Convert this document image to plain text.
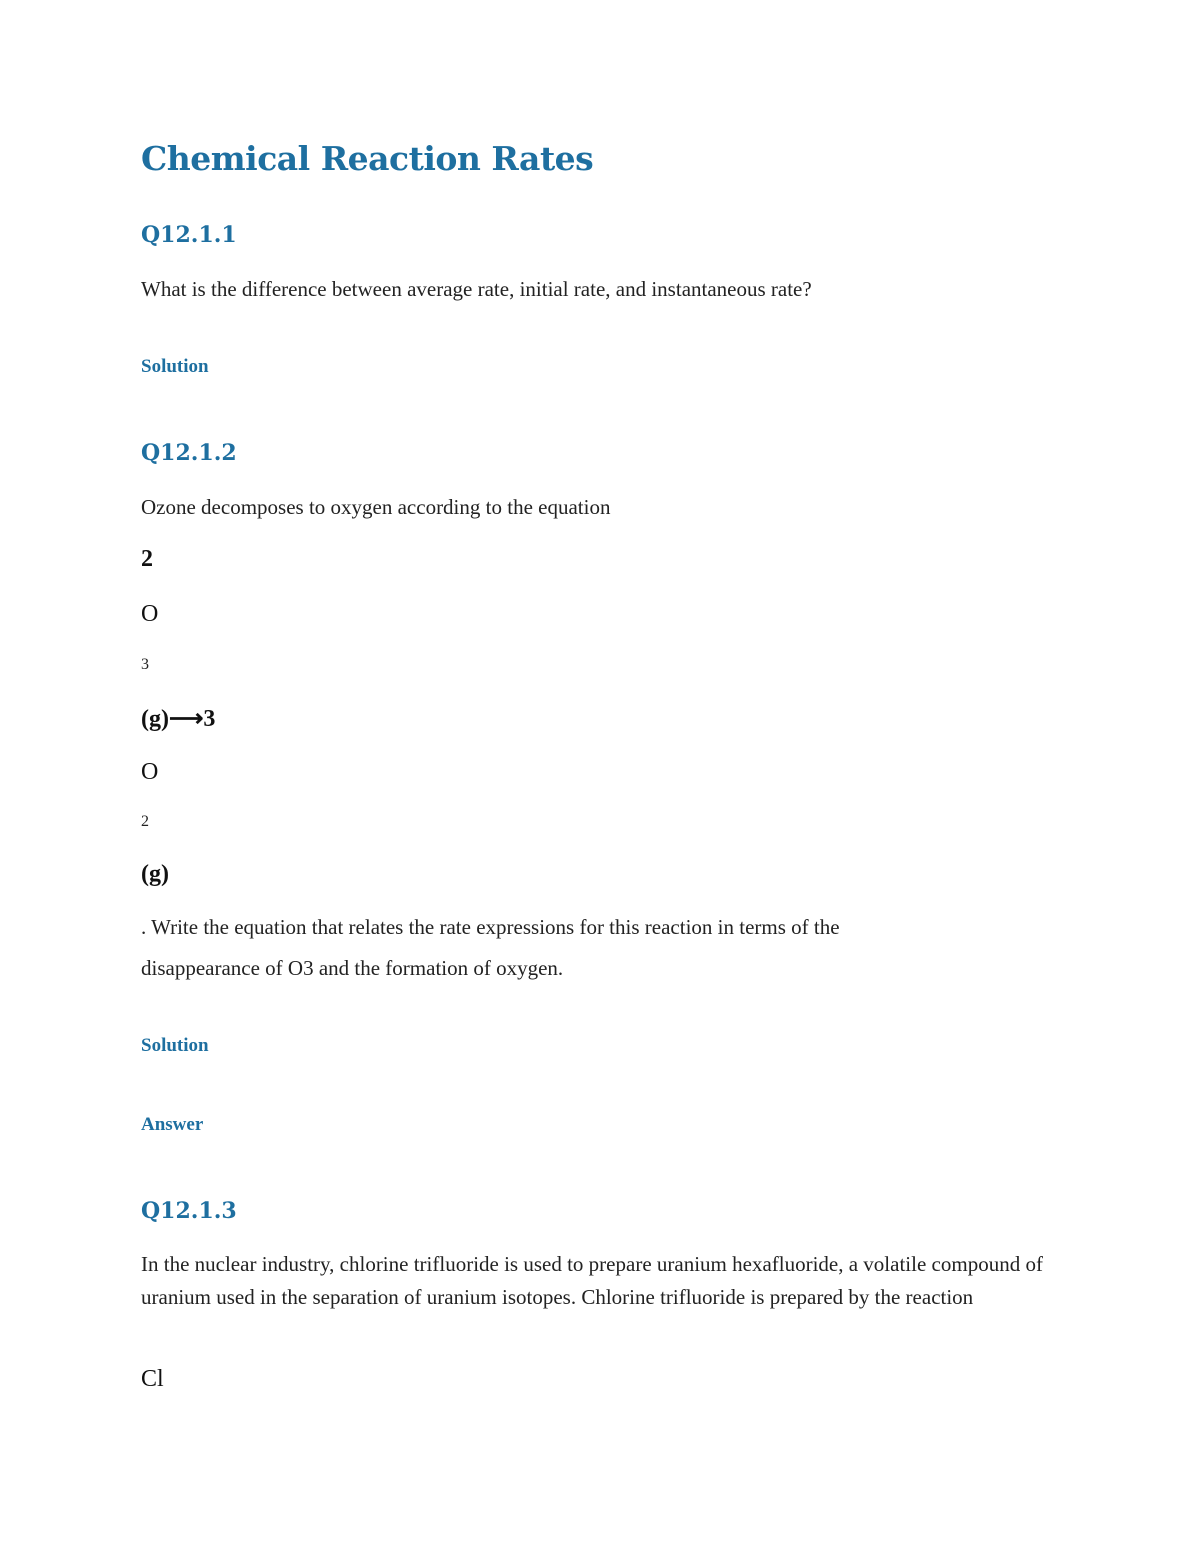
Chemical Reaction Rates
Q12.1.1

What is the difference between average rate, initial rate, and instantaneous rate?

Solution
Q12.1.2

Ozone decomposes to oxygen according to the equation

2
O
3
(g)⟶3
O
2
(g)

. Write the equation that relates the rate expressions for this reaction in terms of the

disappearance of O3 and the formation of oxygen.

Solution
Answer
Q12.1.3

In the nuclear industry, chlorine trifluoride is used to prepare uranium hexafluoride, a volatile compound of uranium used in the separation of uranium isotopes. Chlorine trifluoride is prepared by the reaction

Cl
